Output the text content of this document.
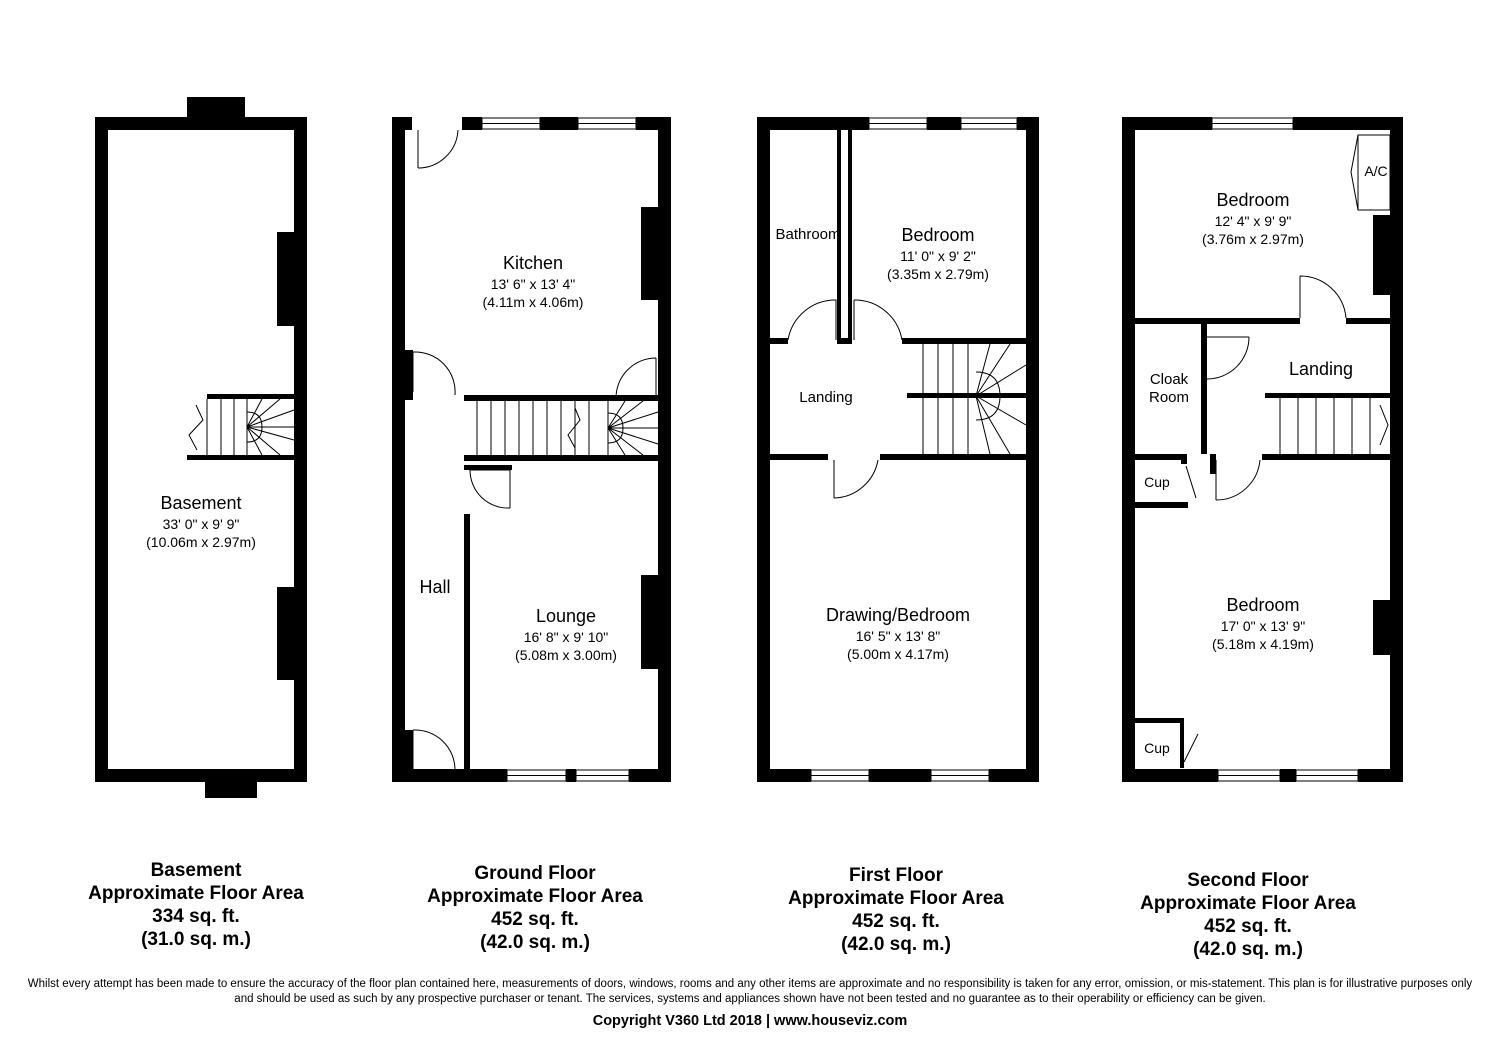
Basement
33' 0" x 9' 9"
(10.06m x 2.97m)
Kitchen
13' 6" x 13' 4"
(4.11m x 4.06m)
Lounge
16' 8" x 9' 10"
(5.08m x 3.00m)
Hall
Bathroom	Bedroom
11' 0" x 9' 2"
(3.35m x 2.79m)
Landing
Drawing/Bedroom
16' 5" x 13' 8"
(5.00m x 4.17m)
Bedroom
12' 4" x 9' 9"
(3.76m x 2.97m)
A/C
Cloak
Room
Landing
Cup
Bedroom
17' 0" x 13' 9"
(5.18m x 4.19m)
Cup
Basement
Approximate Floor Area
334 sq. ft.
(31.0 sq. m.)
Ground Floor
Approximate Floor Area
452 sq. ft.
(42.0 sq. m.)
First Floor
Approximate Floor Area
452 sq. ft.
(42.0 sq. m.)
Second Floor
Approximate Floor Area
452 sq. ft.
(42.0 sq. m.)
Whilst every attempt has been made to ensure the accuracy of the floor plan contained here, measurements of doors, windows, rooms and any other items are approximate and no responsibility is taken for any error, omission, or mis-statement. This plan is for illustrative purposes only and should be used as such by any prospective purchaser or tenant. The services, systems and appliances shown have not been tested and no guarantee as to their operability or efficiency can be given.
Copyright V360 Ltd 2018 | www.houseviz.com
